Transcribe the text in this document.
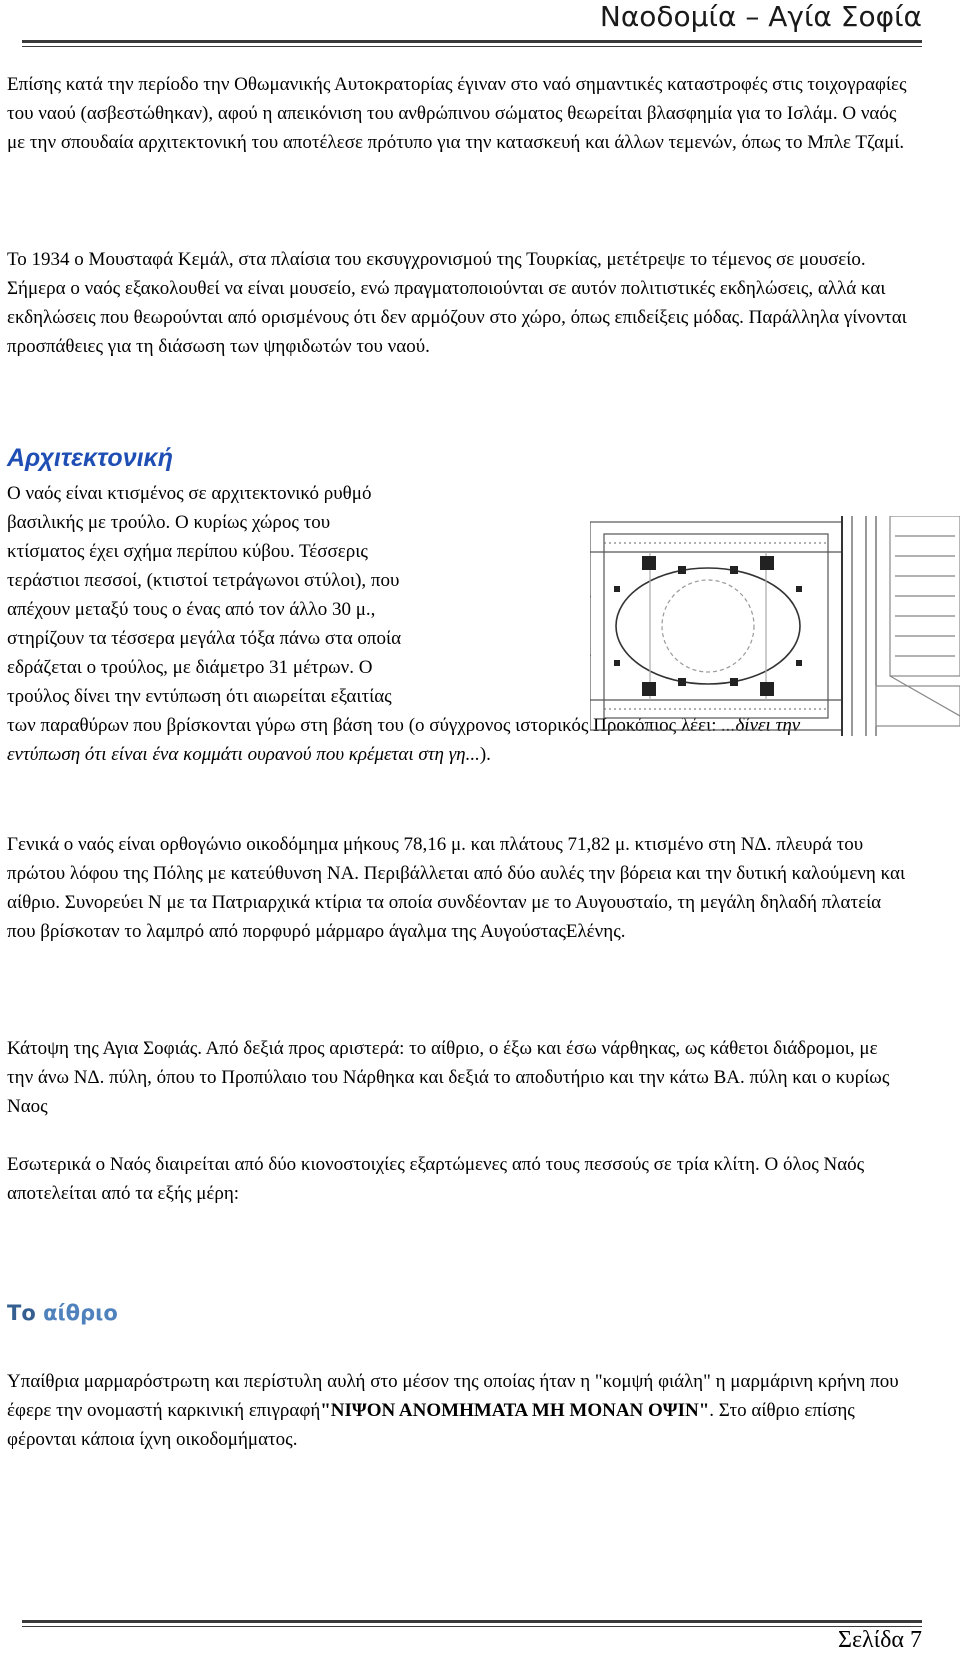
Ναοδομία – Αγία Σοφία

Επίσης κατά την περίοδο την Οθωμανικής Αυτοκρατορίας έγιναν στο ναό σημαντικές καταστροφές στις τοιχογραφίες του ναού (ασβεστώθηκαν), αφού η απεικόνιση του ανθρώπινου σώματος θεωρείται βλασφημία για το Ισλάμ. Ο ναός με την σπουδαία αρχιτεκτονική του αποτέλεσε πρότυπο για την κατασκευή και άλλων τεμενών, όπως το Μπλε Τζαμί.

Το 1934 ο Μουσταφά Κεμάλ, στα πλαίσια του εκσυγχρονισμού της Τουρκίας, μετέτρεψε το τέμενος σε μουσείο. Σήμερα ο ναός εξακολουθεί να είναι μουσείο, ενώ πραγματοποιούνται σε αυτόν πολιτιστικές εκδηλώσεις, αλλά και εκδηλώσεις που θεωρούνται από ορισμένους ότι δεν αρμόζουν στο χώρο, όπως επιδείξεις μόδας. Παράλληλα γίνονται προσπάθειες για τη διάσωση των ψηφιδωτών του ναού.

Αρχιτεκτονική
Ο ναός είναι κτισμένος σε αρχιτεκτονικό ρυθμό
βασιλικής με τρούλο. Ο κυρίως χώρος του
κτίσματος έχει σχήμα περίπου κύβου. Τέσσερις
τεράστιοι πεσσοί, (κτιστοί τετράγωνοι στύλοι), που
απέχουν μεταξύ τους ο ένας από τον άλλο 30 μ.,
στηρίζουν τα τέσσερα μεγάλα τόξα πάνω στα οποία
εδράζεται ο τρούλος, με διάμετρο 31 μέτρων. Ο
τρούλος δίνει την εντύπωση ότι αιωρείται εξαιτίας
των παραθύρων που βρίσκονται γύρω στη βάση του (ο σύγχρονος ιστορικός Προκόπιος λέει: ...δίνει την εντύπωση ότι είναι ένα κομμάτι ουρανού που κρέμεται στη γη...).

Γενικά ο ναός είναι ορθογώνιο οικοδόμημα μήκους 78,16 μ. και πλάτους 71,82 μ. κτισμένο στη ΝΔ. πλευρά του πρώτου λόφου της Πόλης με κατεύθυνση ΝΑ. Περιβάλλεται από δύο αυλές την βόρεια και την δυτική καλούμενη και αίθριο. Συνορεύει Ν με τα Πατριαρχικά κτίρια τα οποία συνδέονταν με το Αυγουσταίο, τη μεγάλη δηλαδή πλατεία που βρίσκοταν το λαμπρό από πορφυρό μάρμαρο άγαλμα της ΑυγούσταςΕλένης.

Κάτοψη της Αγια Σοφιάς. Από δεξιά προς αριστερά: το αίθριο, ο έξω και έσω νάρθηκας, ως κάθετοι διάδρομοι, με την άνω ΝΔ. πύλη, όπου το Προπύλαιο του Νάρθηκα και δεξιά το αποδυτήριο και την κάτω ΒΑ. πύλη και ο κυρίως Ναος

Εσωτερικά ο Ναός διαιρείται από δύο κιονοστοιχίες εξαρτώμενες από τους πεσσούς σε τρία κλίτη. Ο όλος Ναός αποτελείται από τα εξής μέρη:

Το αίθριο

Υπαίθρια μαρμαρόστρωτη και περίστυλη αυλή στο μέσον της οποίας ήταν η "κομψή φιάλη" η μαρμάρινη κρήνη που έφερε την ονομαστή καρκινική επιγραφή"ΝΙΨΟΝ ΑΝΟΜΗΜΑΤΑ ΜΗ ΜΟΝΑΝ ΟΨΙΝ". Στο αίθριο επίσης φέρονται κάποια ίχνη οικοδομήματος.

Σελίδα 7
